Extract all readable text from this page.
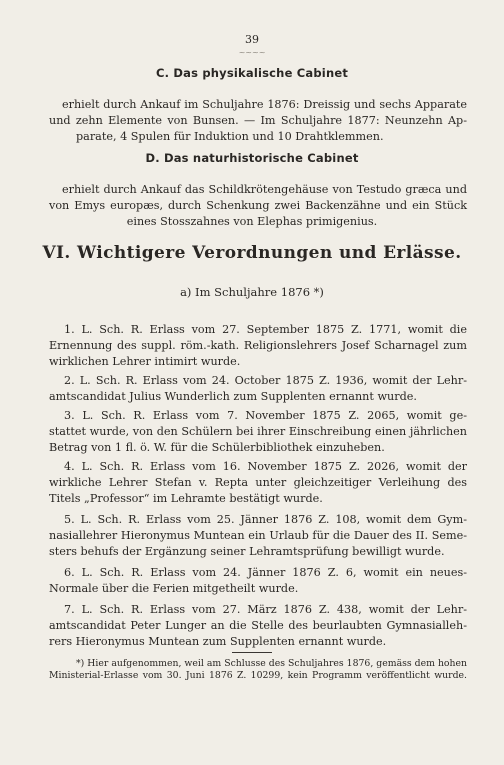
39
~~~~
C. Das physikalische Cabinet
erhielt durch Ankauf im Schuljahre 1876: Dreissig und sechs Apparate
und zehn Elemente von Bunsen. — Im Schuljahre 1877: Neunzehn Ap-
parate, 4 Spulen für Induktion und 10 Drahtklemmen.
D. Das naturhistorische Cabinet
erhielt durch Ankauf das Schildkrötengehäuse von Testudo græca und
von Emys europæs, durch Schenkung zwei Backenzähne und ein Stück
eines Stosszahnes von Elephas primigenius.
VI. Wichtigere Verordnungen und Erlässe.
a) Im Schuljahre 1876 *)
1. L. Sch. R. Erlass vom 27. September 1875 Z. 1771, womit die
Ernennung des suppl. röm.-kath. Religionslehrers Josef Scharnagel zum
wirklichen Lehrer intimirt wurde.
2. L. Sch. R. Erlass vom 24. October 1875 Z. 1936, womit der Lehr-
amtscandidat Julius Wunderlich zum Supplenten ernannt wurde.
3. L. Sch. R. Erlass vom 7. November 1875 Z. 2065, womit ge-
stattet wurde, von den Schülern bei ihrer Einschreibung einen jährlichen
Betrag von 1 fl. ö. W. für die Schülerbibliothek einzuheben.
4. L. Sch. R. Erlass vom 16. November 1875 Z. 2026, womit der
wirkliche Lehrer Stefan v. Repta unter gleichzeitiger Verleihung des
Titels „Professor“ im Lehramte bestätigt wurde.
5. L. Sch. R. Erlass vom 25. Jänner 1876 Z. 108, womit dem Gym-
nasiallehrer Hieronymus Muntean ein Urlaub für die Dauer des II. Seme-
sters behufs der Ergänzung seiner Lehramtsprüfung bewilligt wurde.
6. L. Sch. R. Erlass vom 24. Jänner 1876 Z. 6, womit ein neues-
Normale über die Ferien mitgetheilt wurde.
7. L. Sch. R. Erlass vom 27. März 1876 Z. 438, womit der Lehr-
amtscandidat Peter Lunger an die Stelle des beurlaubten Gymnasialleh-
rers Hieronymus Muntean zum Supplenten ernannt wurde.
*) Hier aufgenommen, weil am Schlusse des Schuljahres 1876, gemäss dem hohen
Ministerial-Erlasse vom 30. Juni 1876 Z. 10299, kein Programm veröffentlicht wurde.
